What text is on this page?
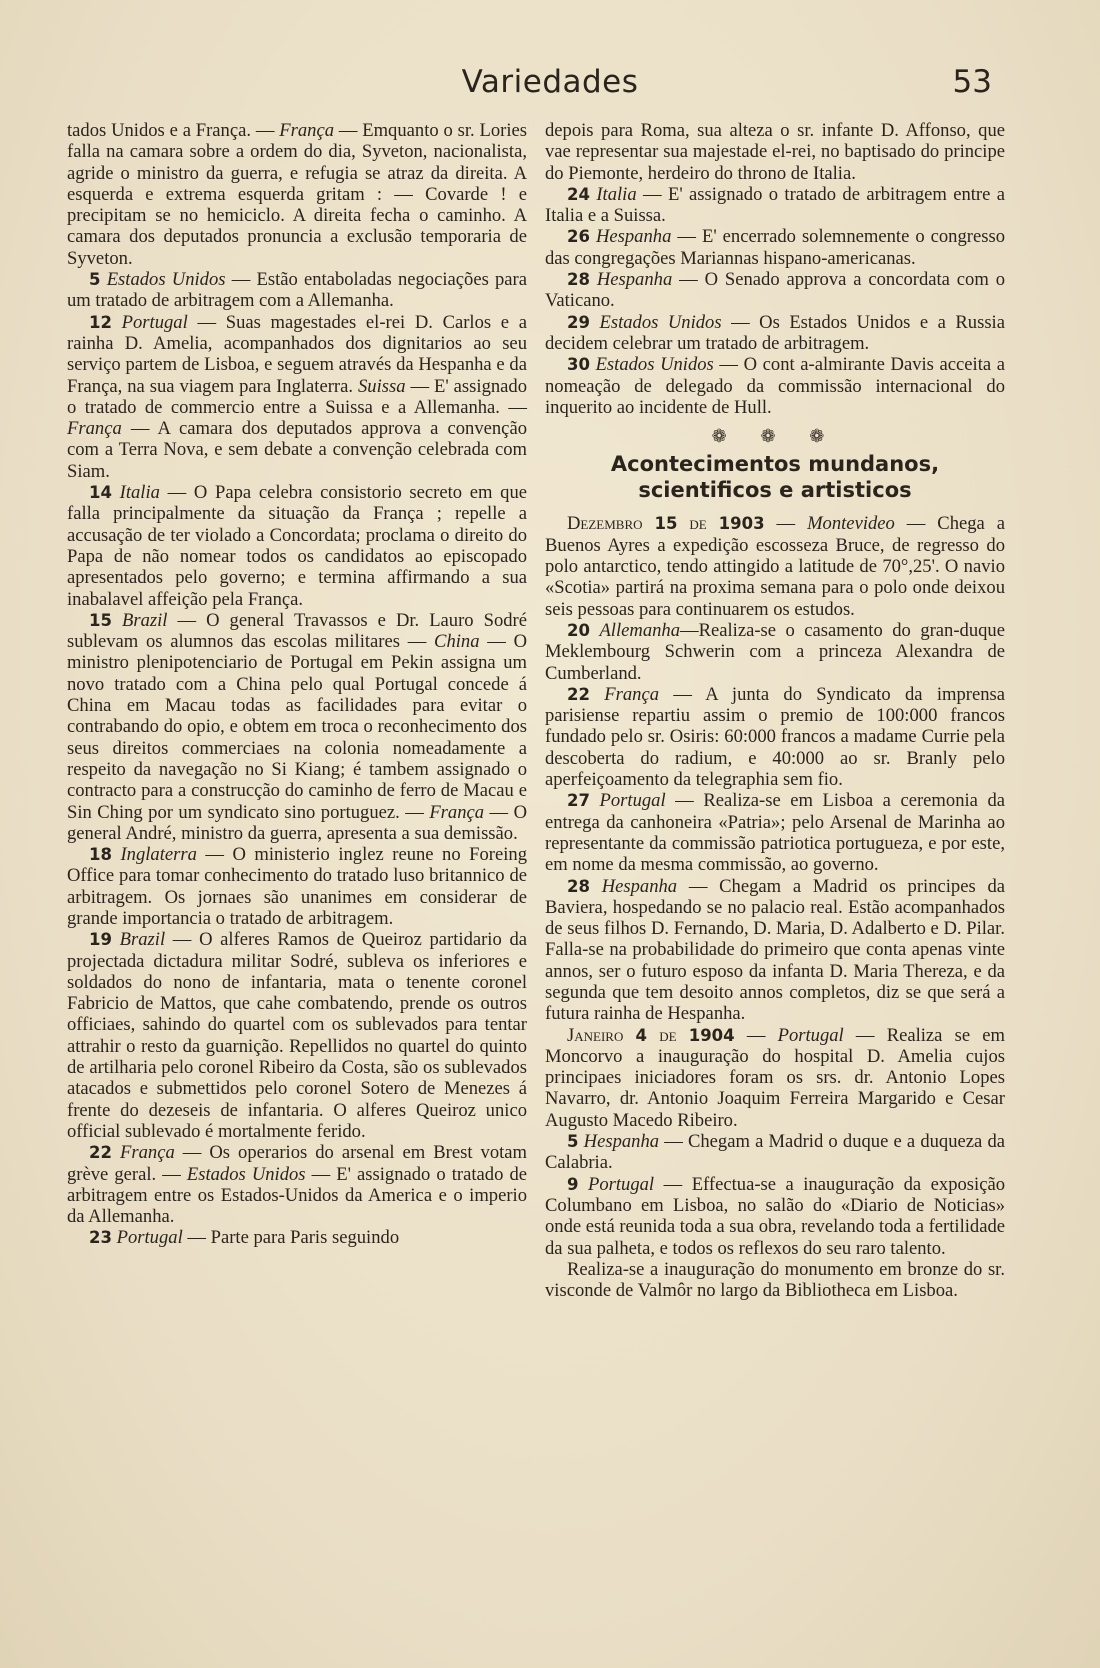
Variedades	53

tados Unidos e a França. — França — Emquanto o sr. Lories falla na camara sobre a ordem do dia, Syveton, nacionalista, agride o ministro da guerra, e refugia se atraz da direita. A esquerda e extrema esquerda gritam : — Covarde ! e precipitam se no hemiciclo. A direita fecha o caminho. A camara dos deputados pronuncia a exclusão temporaria de Syveton.

5 Estados Unidos — Estão entaboladas negociações para um tratado de arbitragem com a Allemanha.

12 Portugal — Suas magestades el-rei D. Carlos e a rainha D. Amelia, acompanhados dos dignitarios ao seu serviço partem de Lisboa, e seguem através da Hespanha e da França, na sua viagem para Inglaterra. Suissa — E' assignado o tratado de commercio entre a Suissa e a Allemanha. — França — A camara dos deputados approva a convenção com a Terra Nova, e sem debate a convenção celebrada com Siam.

14 Italia — O Papa celebra consistorio secreto em que falla principalmente da situação da França ; repelle a accusação de ter violado a Concordata; proclama o direito do Papa de não nomear todos os candidatos ao episcopado apresentados pelo governo; e termina affirmando a sua inabalavel affeição pela França.

15 Brazil — O general Travassos e Dr. Lauro Sodré sublevam os alumnos das escolas militares — China — O ministro plenipotenciario de Portugal em Pekin assigna um novo tratado com a China pelo qual Portugal concede á China em Macau todas as facilidades para evitar o contrabando do opio, e obtem em troca o reconhecimento dos seus direitos commerciaes na colonia nomeadamente a respeito da navegação no Si Kiang; é tambem assignado o contracto para a construcção do caminho de ferro de Macau e Sin Ching por um syndicato sino portuguez. — França — O general André, ministro da guerra, apresenta a sua demissão.

18 Inglaterra — O ministerio inglez reune no Foreing Office para tomar conhecimento do tratado luso britannico de arbitragem. Os jornaes são unanimes em considerar de grande importancia o tratado de arbitragem.

19 Brazil — O alferes Ramos de Queiroz partidario da projectada dictadura militar Sodré, subleva os inferiores e soldados do nono de infantaria, mata o tenente coronel Fabricio de Mattos, que cahe combatendo, prende os outros officiaes, sahindo do quartel com os sublevados para tentar attrahir o resto da guarnição. Repellidos no quartel do quinto de artilharia pelo coronel Ribeiro da Costa, são os sublevados atacados e submettidos pelo coronel Sotero de Menezes á frente do dezeseis de infantaria. O alferes Queiroz unico official sublevado é mortalmente ferido.

22 França — Os operarios do arsenal em Brest votam grève geral. — Estados Unidos — E' assignado o tratado de arbitragem entre os Estados-Unidos da America e o imperio da Allemanha.

23 Portugal — Parte para Paris seguindo

depois para Roma, sua alteza o sr. infante D. Affonso, que vae representar sua majestade el-rei, no baptisado do principe do Piemonte, herdeiro do throno de Italia.

24 Italia — E' assignado o tratado de arbitragem entre a Italia e a Suissa.

26 Hespanha — E' encerrado solemnemente o congresso das congregações Mariannas hispano-americanas.

28 Hespanha — O Senado approva a concordata com o Vaticano.

29 Estados Unidos — Os Estados Unidos e a Russia decidem celebrar um tratado de arbitragem.

30 Estados Unidos — O cont a-almirante Davis acceita a nomeação de delegado da commissão internacional do inquerito ao incidente de Hull.

❁ ❁ ❁
Acontecimentos mundanos, scientificos e artisticos

Dezembro 15 de 1903 — Montevideo — Chega a Buenos Ayres a expedição escosseza Bruce, de regresso do polo antarctico, tendo attingido a latitude de 70°,25'. O navio «Scotia» partirá na proxima semana para o polo onde deixou seis pessoas para continuarem os estudos.

20 Allemanha—Realiza-se o casamento do gran-duque Meklembourg Schwerin com a princeza Alexandra de Cumberland.

22 França — A junta do Syndicato da imprensa parisiense repartiu assim o premio de 100:000 francos fundado pelo sr. Osiris: 60:000 francos a madame Currie pela descoberta do radium, e 40:000 ao sr. Branly pelo aperfeiçoamento da telegraphia sem fio.

27 Portugal — Realiza-se em Lisboa a ceremonia da entrega da canhoneira «Patria»; pelo Arsenal de Marinha ao representante da commissão patriotica portugueza, e por este, em nome da mesma commissão, ao governo.

28 Hespanha — Chegam a Madrid os principes da Baviera, hospedando se no palacio real. Estão acompanhados de seus filhos D. Fernando, D. Maria, D. Adalberto e D. Pilar. Falla-se na probabilidade do primeiro que conta apenas vinte annos, ser o futuro esposo da infanta D. Maria Thereza, e da segunda que tem desoito annos completos, diz se que será a futura rainha de Hespanha.

Janeiro 4 de 1904 — Portugal — Realiza se em Moncorvo a inauguração do hospital D. Amelia cujos principaes iniciadores foram os srs. dr. Antonio Lopes Navarro, dr. Antonio Joaquim Ferreira Margarido e Cesar Augusto Macedo Ribeiro.

5 Hespanha — Chegam a Madrid o duque e a duqueza da Calabria.

9 Portugal — Effectua-se a inauguração da exposição Columbano em Lisboa, no salão do «Diario de Noticias» onde está reunida toda a sua obra, revelando toda a fertilidade da sua palheta, e todos os reflexos do seu raro talento.

Realiza-se a inauguração do monumento em bronze do sr. visconde de Valmôr no largo da Bibliotheca em Lisboa.
